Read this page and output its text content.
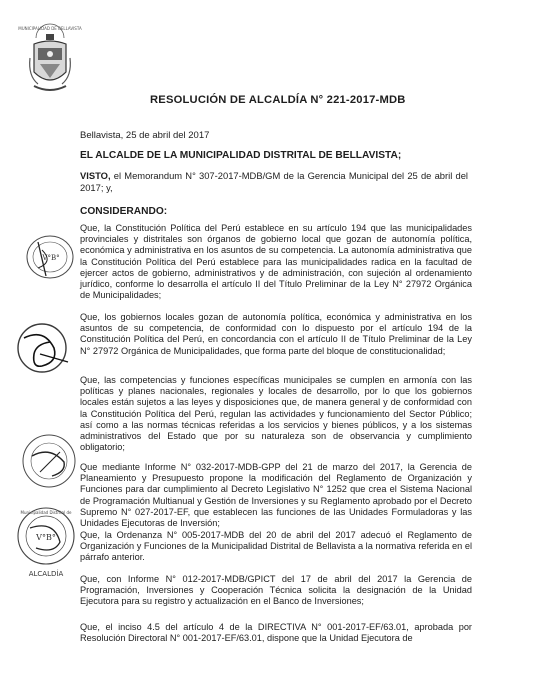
MUNICIPALIDAD DE BELLAVISTA
RESOLUCIÓN DE ALCALDÍA N° 221-2017-MDB
Bellavista, 25 de abril del 2017
EL ALCALDE DE LA MUNICIPALIDAD DISTRITAL DE BELLAVISTA;
VISTO, el Memorandum N° 307-2017-MDB/GM de la Gerencia Municipal del 25 de abril del 2017; y,
CONSIDERANDO:
Que, la Constitución Política del Perú establece en su artículo 194 que las municipalidades provinciales y distritales son órganos de gobierno local que gozan de autonomía política, económica y administrativa en los asuntos de su competencia. La autonomía administrativa que la Constitución Política del Perú establece para las municipalidades radica en la facultad de ejercer actos de gobierno, administrativos y de administración, con sujeción al ordenamiento jurídico, conforme lo desarrolla el artículo II del Título Preliminar de la Ley N° 27972 Orgánica de Municipalidades;
Que, los gobiernos locales gozan de autonomía política, económica y administrativa en los asuntos de su competencia, de conformidad con lo dispuesto por el artículo 194 de la Constitución Política del Perú, en concordancia con el artículo II de Título Preliminar de la Ley N° 27972 Orgánica de Municipalidades, que forma parte del bloque de constitucionalidad;
Que, las competencias y funciones específicas municipales se cumplen en armonía con las políticas y planes nacionales, regionales y locales de desarrollo, por lo que los gobiernos locales están sujetos a las leyes y disposiciones que, de manera general y de conformidad con la Constitución Política del Perú, regulan las actividades y funcionamiento del Sector Público; así como a las normas técnicas referidas a los servicios y bienes públicos, y a los sistemas administrativos del Estado que por su naturaleza son de observancia y cumplimiento obligatorio;
Que mediante Informe N° 032-2017-MDB-GPP del 21 de marzo del 2017, la Gerencia de Planeamiento y Presupuesto propone la modificación del Reglamento de Organización y Funciones para dar cumplimiento al Decreto Legislativo N° 1252 que crea el Sistema Nacional de Programación Multianual y Gestión de Inversiones y su Reglamento aprobado por el Decreto Supremo N° 027-2017-EF, que establecen las funciones de las Unidades Formuladoras y las Unidades Ejecutoras de Inversión;
Que, la Ordenanza N° 005-2017-MDB del 20 de abril del 2017 adecuó el Reglamento de Organización y Funciones de la Municipalidad Distrital de Bellavista a la normativa referida en el párrafo anterior.
Que, con Informe N° 012-2017-MDB/GPICT del 17 de abril del 2017 la Gerencia de Programación, Inversiones y Cooperación Técnica solicita la designación de la Unidad Ejecutora para su registro y actualización en el Banco de Inversiones;
Que, el inciso 4.5 del artículo 4 de la DIRECTIVA N° 001-2017-EF/63.01, aprobada por Resolución Directoral N° 001-2017-EF/63.01, dispone que la Unidad Ejecutora de
V°B°
Municipalidad Distrital de
V°B°
ALCALDÍA
